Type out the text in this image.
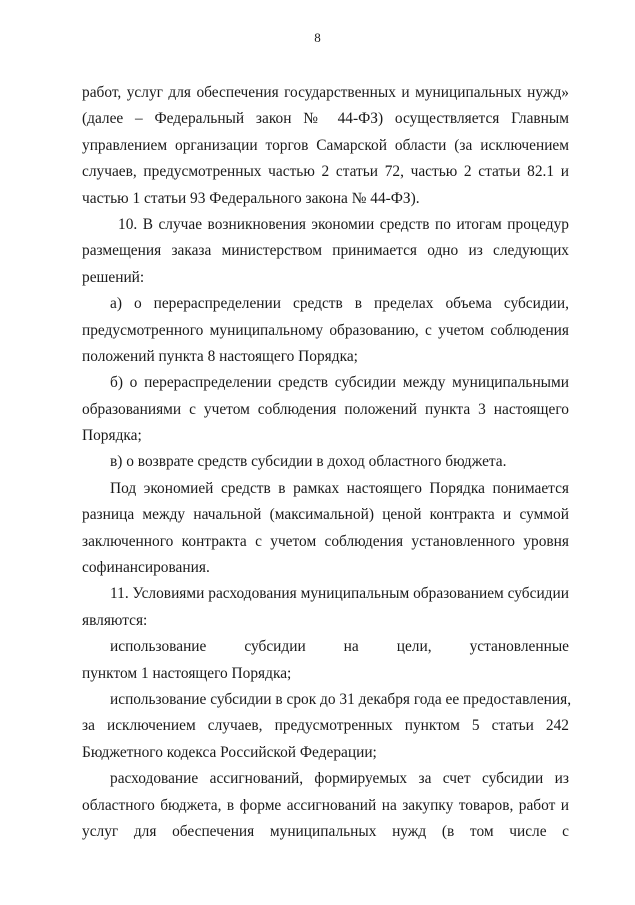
8
работ, услуг для обеспечения государственных и муниципальных нужд»
(далее – Федеральный закон № 44-ФЗ) осуществляется Главным
управлением организации торгов Самарской области (за исключением
случаев, предусмотренных частью 2 статьи 72, частью 2 статьи 82.1 и
частью 1 статьи 93 Федерального закона № 44-ФЗ).
10. В случае возникновения экономии средств по итогам процедур
размещения заказа министерством принимается одно из следующих
решений:
а) о перераспределении средств в пределах объема субсидии,
предусмотренного муниципальному образованию, с учетом соблюдения
положений пункта 8 настоящего Порядка;
б) о перераспределении средств субсидии между муниципальными
образованиями с учетом соблюдения положений пункта 3 настоящего
Порядка;
в) о возврате средств субсидии в доход областного бюджета.
Под экономией средств в рамках настоящего Порядка понимается
разница между начальной (максимальной) ценой контракта и суммой
заключенного контракта с учетом соблюдения установленного уровня
софинансирования.
11. Условиями расходования муниципальным образованием субсидии
являются:
использование субсидии на цели, установленные
пунктом 1 настоящего Порядка;
использование субсидии в срок до 31 декабря года ее предоставления,
за исключением случаев, предусмотренных пунктом 5 статьи 242
Бюджетного кодекса Российской Федерации;
расходование ассигнований, формируемых за счет субсидии из
областного бюджета, в форме ассигнований на закупку товаров, работ и
услуг для обеспечения муниципальных нужд (в том числе с
